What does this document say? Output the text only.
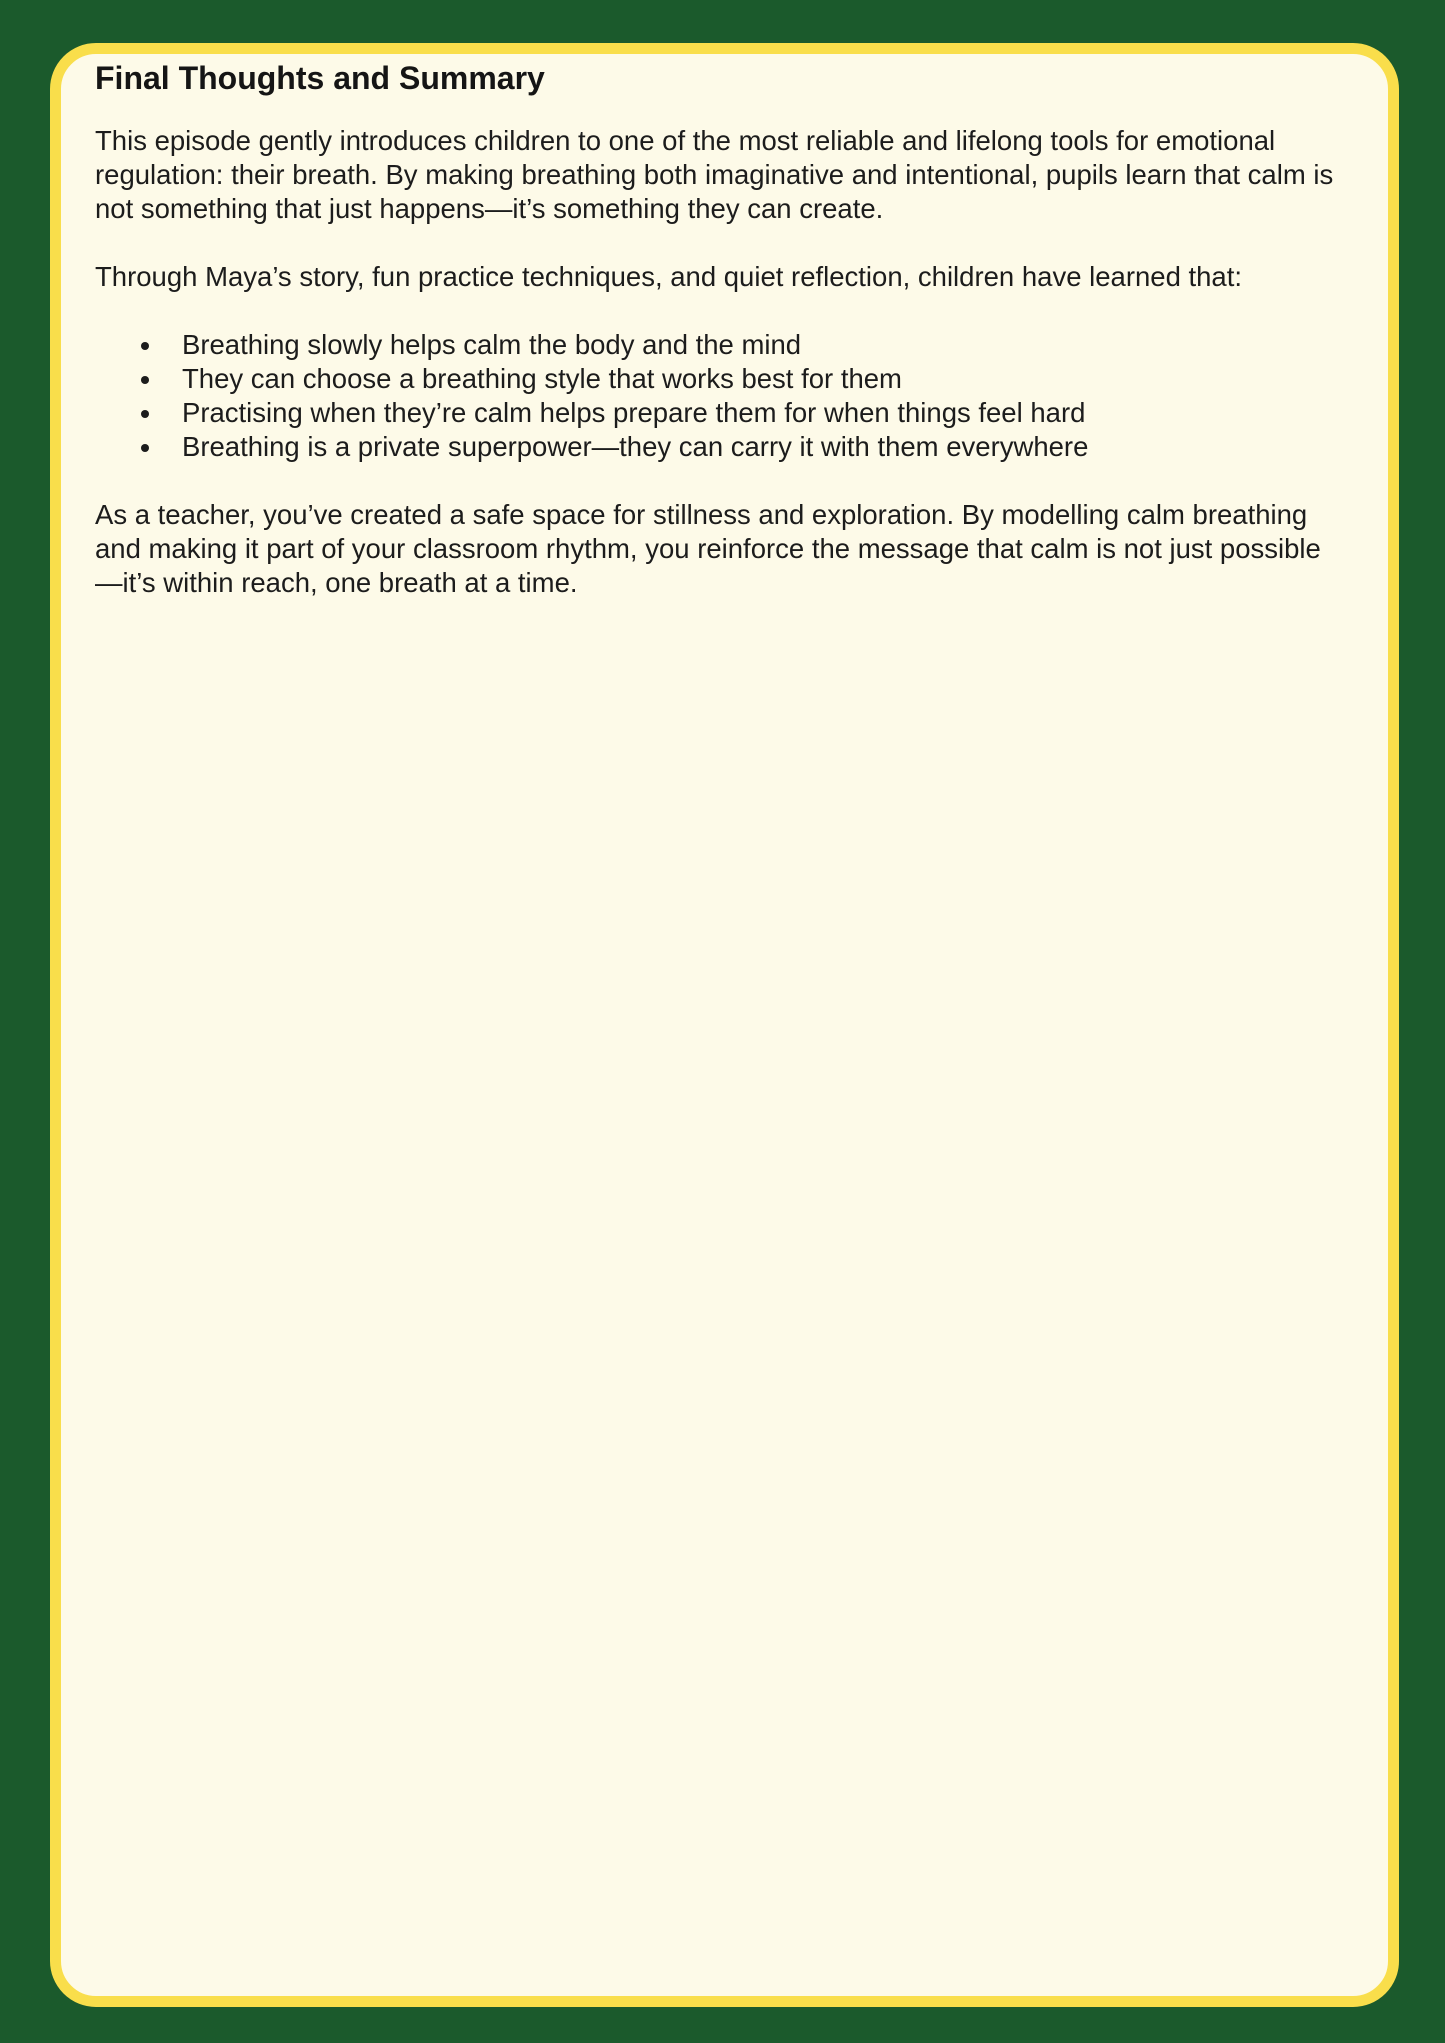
Final Thoughts and Summary

This episode gently introduces children to one of the most reliable and lifelong tools for emotional regulation: their breath. By making breathing both imaginative and intentional, pupils learn that calm is not something that just happens—it’s something they can create.

Through Maya’s story, fun practice techniques, and quiet reflection, children have learned that:

Breathing slowly helps calm the body and the mind
They can choose a breathing style that works best for them
Practising when they’re calm helps prepare them for when things feel hard
Breathing is a private superpower—they can carry it with them everywhere

As a teacher, you’ve created a safe space for stillness and exploration. By modelling calm breathing and making it part of your classroom rhythm, you reinforce the message that calm is not just possible—it’s within reach, one breath at a time.
